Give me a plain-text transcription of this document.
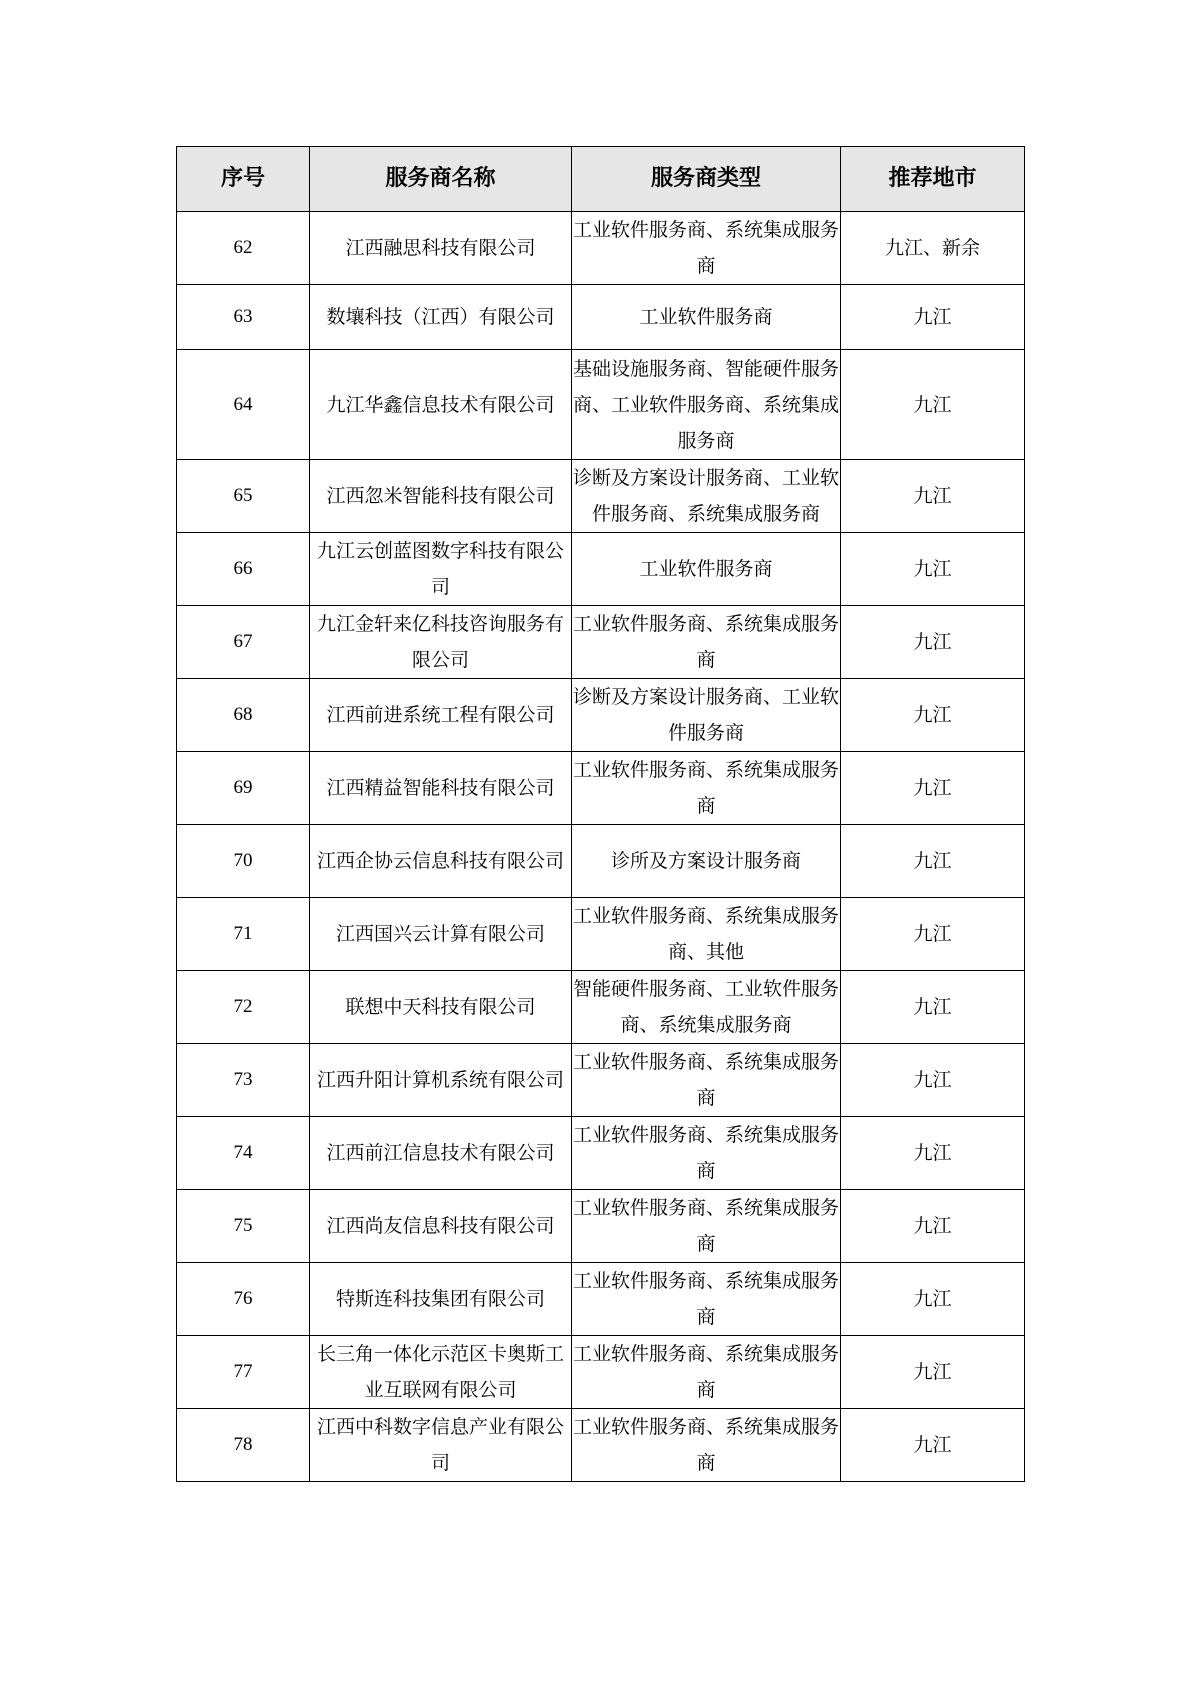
序号	服务商名称	服务商类型	推荐地市
62	江西融思科技有限公司	工业软件服务商、系统集成服务商	九江、新余
63	数壤科技（江西）有限公司	工业软件服务商	九江
64	九江华鑫信息技术有限公司	基础设施服务商、智能硬件服务商、工业软件服务商、系统集成服务商	九江
65	江西忽米智能科技有限公司	诊断及方案设计服务商、工业软件服务商、系统集成服务商	九江
66	九江云创蓝图数字科技有限公司	工业软件服务商	九江
67	九江金轩来亿科技咨询服务有限公司	工业软件服务商、系统集成服务商	九江
68	江西前进系统工程有限公司	诊断及方案设计服务商、工业软件服务商	九江
69	江西精益智能科技有限公司	工业软件服务商、系统集成服务商	九江
70	江西企协云信息科技有限公司	诊所及方案设计服务商	九江
71	江西国兴云计算有限公司	工业软件服务商、系统集成服务商、其他	九江
72	联想中天科技有限公司	智能硬件服务商、工业软件服务商、系统集成服务商	九江
73	江西升阳计算机系统有限公司	工业软件服务商、系统集成服务商	九江
74	江西前江信息技术有限公司	工业软件服务商、系统集成服务商	九江
75	江西尚友信息科技有限公司	工业软件服务商、系统集成服务商	九江
76	特斯连科技集团有限公司	工业软件服务商、系统集成服务商	九江
77	长三角一体化示范区卡奥斯工业互联网有限公司	工业软件服务商、系统集成服务商	九江
78	江西中科数字信息产业有限公司	工业软件服务商、系统集成服务商	九江
